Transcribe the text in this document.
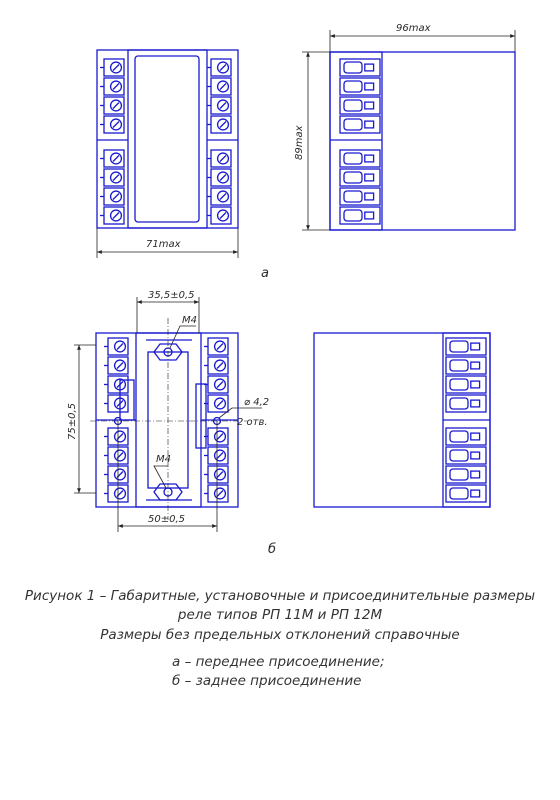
71max
96max
89max
а
35,5±0,5
М4
М4
75±0,5
⌀ 4,2
2 отв.
50±0,5
б
Рисунок 1 – Габаритные, установочные и присоединительные размеры
реле типов РП 11М и РП 12М
Размеры без предельных отклонений справочные
а – переднее присоединение;
б – заднее присоединение
